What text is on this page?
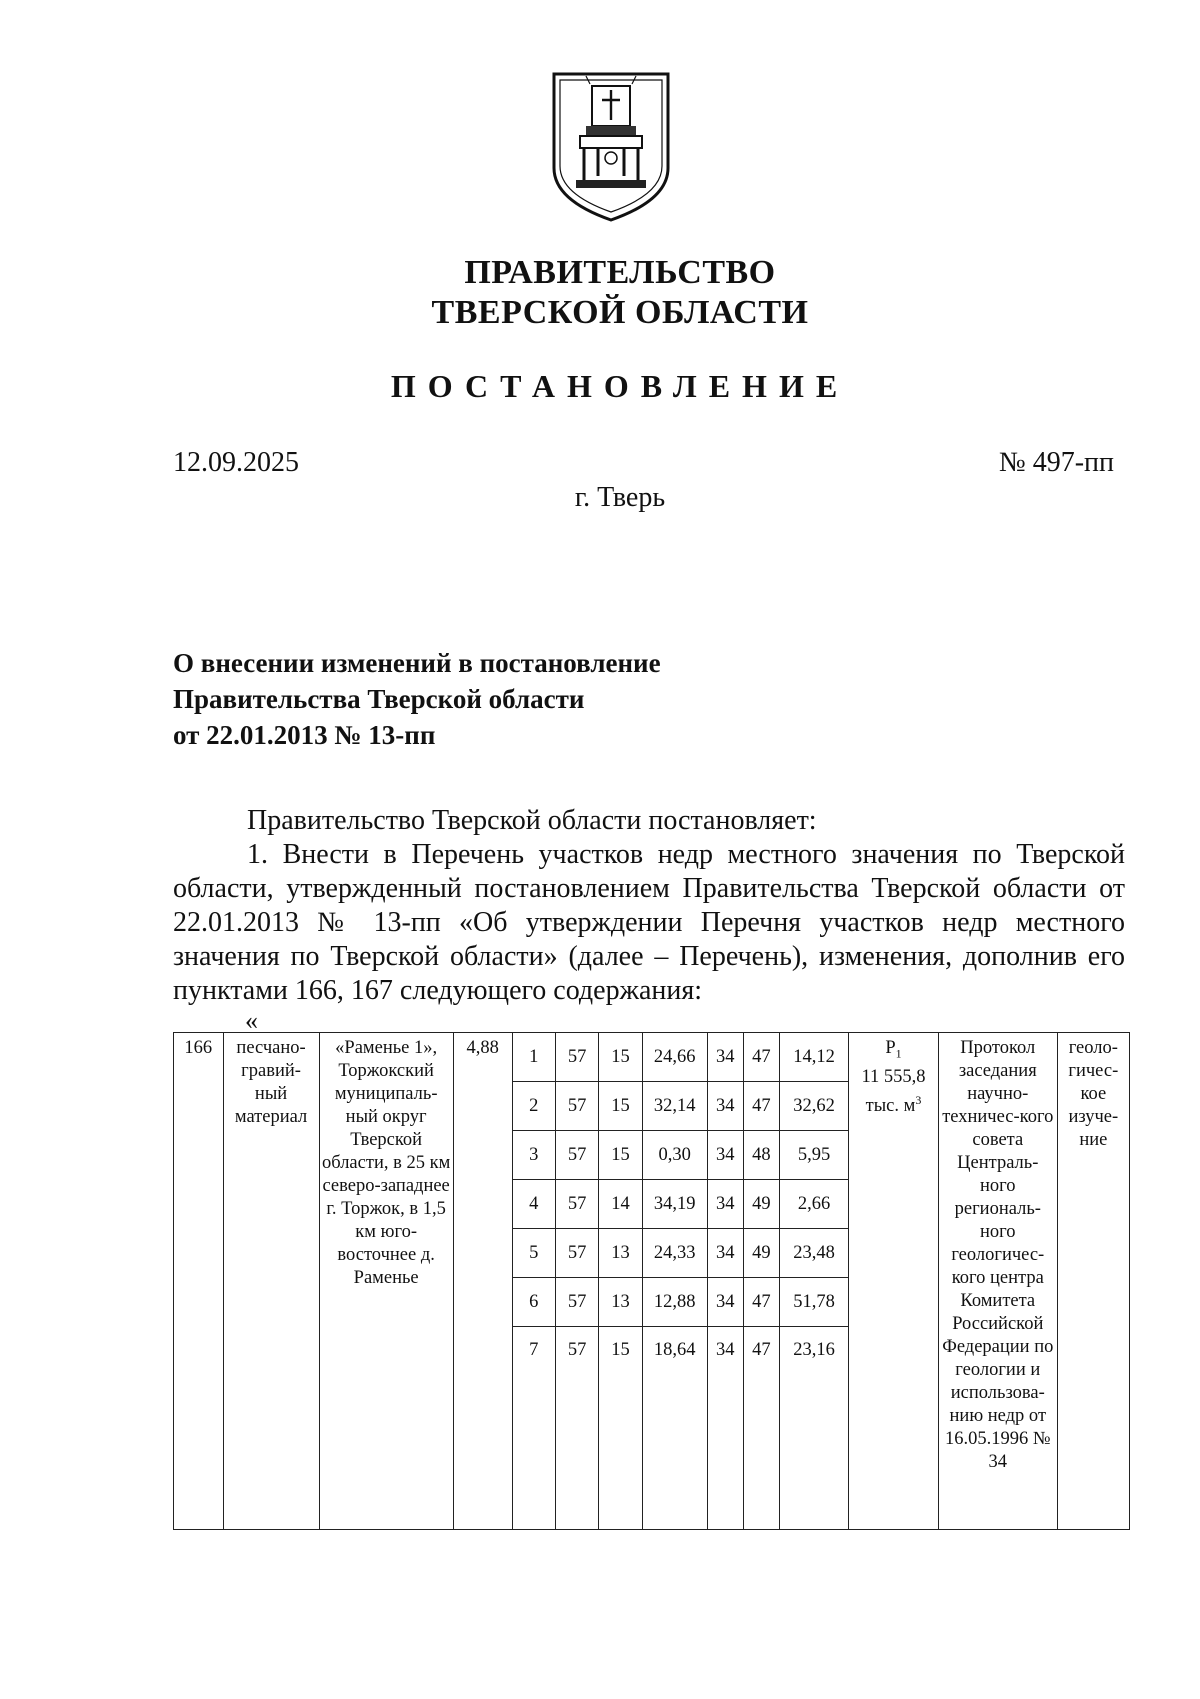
ПРАВИТЕЛЬСТВО
ТВЕРСКОЙ ОБЛАСТИ
ПОСТАНОВЛЕНИЕ
12.09.2025	№ 497-пп
г. Тверь
О внесении изменений в постановление
Правительства Тверской области
от 22.01.2013 № 13-пп

Правительство Тверской области постановляет:

1. Внести в Перечень участков недр местного значения по Тверской области, утвержденный постановлением Правительства Тверской области от 22.01.2013 № 13-пп «Об утверждении Перечня участков недр местного значения по Тверской области» (далее – Перечень), изменения, дополнив его пунктами 166, 167 следующего содержания:

«
166	песчано-гравий-ный материал	«Раменье 1», Торжокский муниципаль-ный округ Тверской области, в 25 км северо-западнее г. Торжок, в 1,5 км юго-восточнее д. Раменье	4,88	1	57	15	24,66	34	47	14,12	$P_1$
11 555,8
тыс. $м^3$	Протокол заседания научно-техничес-кого совета Централь-ного региональ-ного геологичес-кого центра Комитета Российской Федерации по геологии и использова-нию недр от 16.05.1996 № 34	геоло-гичес-кое изуче-ние
				2	57	15	32,14	34	47	32,62			
				3	57	15	0,30	34	48	5,95			
				4	57	14	34,19	34	49	2,66			
				5	57	13	24,33	34	49	23,48			
				6	57	13	12,88	34	47	51,78			
				7	57	15	18,64	34	47	23,16			
